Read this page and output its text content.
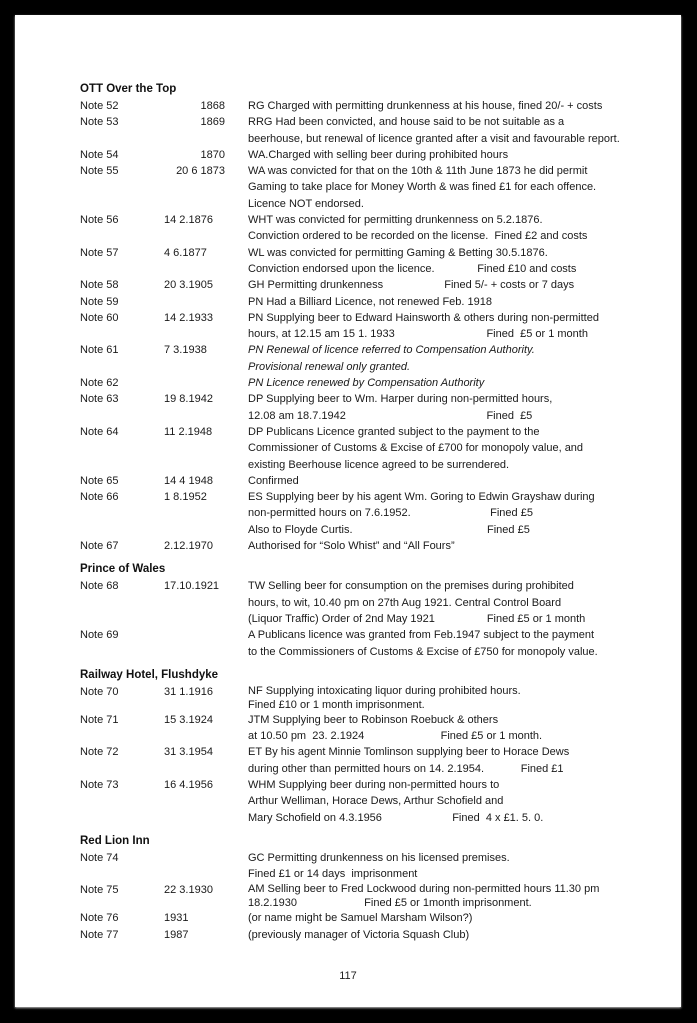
OTT Over the Top
Note 52	1868 RG Charged with permitting drunkenness at his house, fined 20/- + costs
Note 53	1869 RRG Had been convicted, and house said to be not suitable as a
beerhouse, but renewal of licence granted after a visit and favourable report.
Note 54	1870 WA.Charged with selling beer during prohibited hours
Note 55	20 6 1873 WA was convicted for that on the 10th & 11th June 1873 he did permit
Gaming to take place for Money Worth & was fined £1 for each offence.
Licence NOT endorsed.
Note 56	14 2.1876	WHT was convicted for permitting drunkenness on 5.2.1876.
Conviction ordered to be recorded on the license.  Fined £2 and costs
Note 57	4 6.1877	WL was convicted for permitting Gaming & Betting 30.5.1876.
Conviction endorsed upon the licence.              Fined £10 and costs
Note 58	20 3.1905	GH Permitting drunkenness                    Fined 5/- + costs or 7 days
Note 59	PN Had a Billiard Licence, not renewed Feb. 1918
Note 60	14 2.1933	PN Supplying beer to Edward Hainsworth & others during non-permitted
hours, at 12.15 am 15 1. 1933                              Fined  £5 or 1 month
Note 61	7 3.1938	PN Renewal of licence referred to Compensation Authority.
Provisional renewal only granted.
Note 62	PN Licence renewed by Compensation Authority
Note 63	19 8.1942	DP Supplying beer to Wm. Harper during non-permitted hours,
12.08 am 18.7.1942                                              Fined  £5
Note 64	11 2.1948	DP Publicans Licence granted subject to the payment to the
Commissioner of Customs & Excise of £700 for monopoly value, and
existing Beerhouse licence agreed to be surrendered.
Note 65	14 4 1948	Confirmed
Note 66	1 8.1952	ES Supplying beer by his agent Wm. Goring to Edwin Grayshaw during
non-permitted hours on 7.6.1952.                          Fined £5
Also to Floyde Curtis.                                            Fined £5
Note 67	2.12.1970	Authorised for “Solo Whist” and “All Fours”
Prince of Wales
Note 68	17.10.1921	TW Selling beer for consumption on the premises during prohibited
hours, to wit, 10.40 pm on 27th Aug 1921. Central Control Board
(Liquor Traffic) Order of 2nd May 1921                 Fined £5 or 1 month
Note 69	A Publicans licence was granted from Feb.1947 subject to the payment
to the Commissioners of Customs & Excise of £750 for monopoly value.
Railway Hotel, Flushdyke
Note 70	31 1.1916	NF Supplying intoxicating liquor during prohibited hours.
Fined £10 or 1 month imprisonment.
Note 71	15 3.1924	JTM Supplying beer to Robinson Roebuck & others
at 10.50 pm  23. 2.1924                         Fined £5 or 1 month.
Note 72	31 3.1954	ET By his agent Minnie Tomlinson supplying beer to Horace Dews
during other than permitted hours on 14. 2.1954.            Fined £1
Note 73	16 4.1956	WHM Supplying beer during non-permitted hours to
Arthur Welliman, Horace Dews, Arthur Schofield and
Mary Schofield on 4.3.1956                       Fined  4 x £1. 5. 0.
Red Lion Inn
Note 74	GC Permitting drunkenness on his licensed premises.
Fined £1 or 14 days  imprisonment
Note 75	22 3.1930	AM Selling beer to Fred Lockwood during non-permitted hours 11.30 pm
18.2.1930                      Fined £5 or 1month imprisonment.
Note 76	1931	(or name might be Samuel Marsham Wilson?)
Note 77	1987	(previously manager of Victoria Squash Club)
117
